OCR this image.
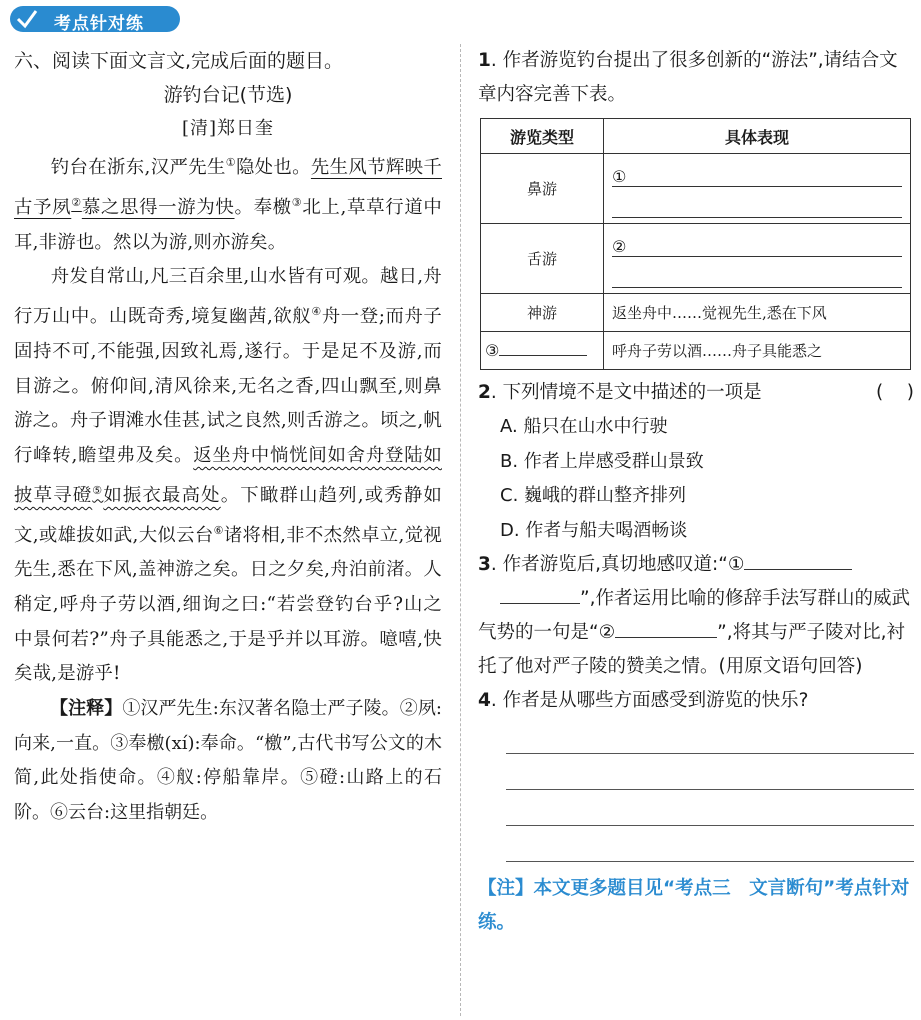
考点针对练

六、阅读下面文言文,完成后面的题目。

游钓台记(节选)

[清]郑日奎

钓台在浙东,汉严先生①隐处也。先生风节辉映千古予夙②慕之思得一游为快。奉檄③北上,草草行道中耳,非游也。然以为游,则亦游矣。

舟发自常山,凡三百余里,山水皆有可观。越日,舟行万山中。山既奇秀,境复幽茜,欲舣④舟一登;而舟子固持不可,不能强,因致礼焉,遂行。于是足不及游,而目游之。俯仰间,清风徐来,无名之香,四山飘至,则鼻游之。舟子谓滩水佳甚,试之良然,则舌游之。顷之,帆行峰转,瞻望弗及矣。返坐舟中惝恍间如舍舟登陆如披草寻磴⑤如振衣最高处。下瞰群山趋列,或秀静如文,或雄拔如武,大似云台⑥诸将相,非不杰然卓立,觉视先生,悉在下风,盖神游之矣。日之夕矣,舟泊前渚。人稍定,呼舟子劳以酒,细询之曰:“若尝登钓台乎?山之中景何若?”舟子具能悉之,于是乎并以耳游。噫嘻,快矣哉,是游乎!

【注释】①汉严先生:东汉著名隐士严子陵。②夙:向来,一直。③奉檄(xí):奉命。“檄”,古代书写公文的木简,此处指使命。④舣:停船靠岸。⑤磴:山路上的石阶。⑥云台:这里指朝廷。

1. 作者游览钓台提出了很多创新的“游法”,请结合文章内容完善下表。

游览类型	具体表现
鼻游	①

舌游	②

神游	返坐舟中……觉视先生,悉在下风
③	呼舟子劳以酒……舟子具能悉之

2. 下列情境不是文中描述的一项是	(    )

A. 船只在山水中行驶

B. 作者上岸感受群山景致

C. 巍峨的群山整齐排列

D. 作者与船夫喝酒畅谈

3. 作者游览后,真切地感叹道:“①
”,作者运用比喻的修辞手法写群山的威武气势的一句是“②	”,将其与严子陵对比,衬托了他对严子陵的赞美之情。(用原文语句回答)

4. 作者是从哪些方面感受到游览的快乐?

【注】本文更多题目见“考点三　文言断句”考点针对练。
